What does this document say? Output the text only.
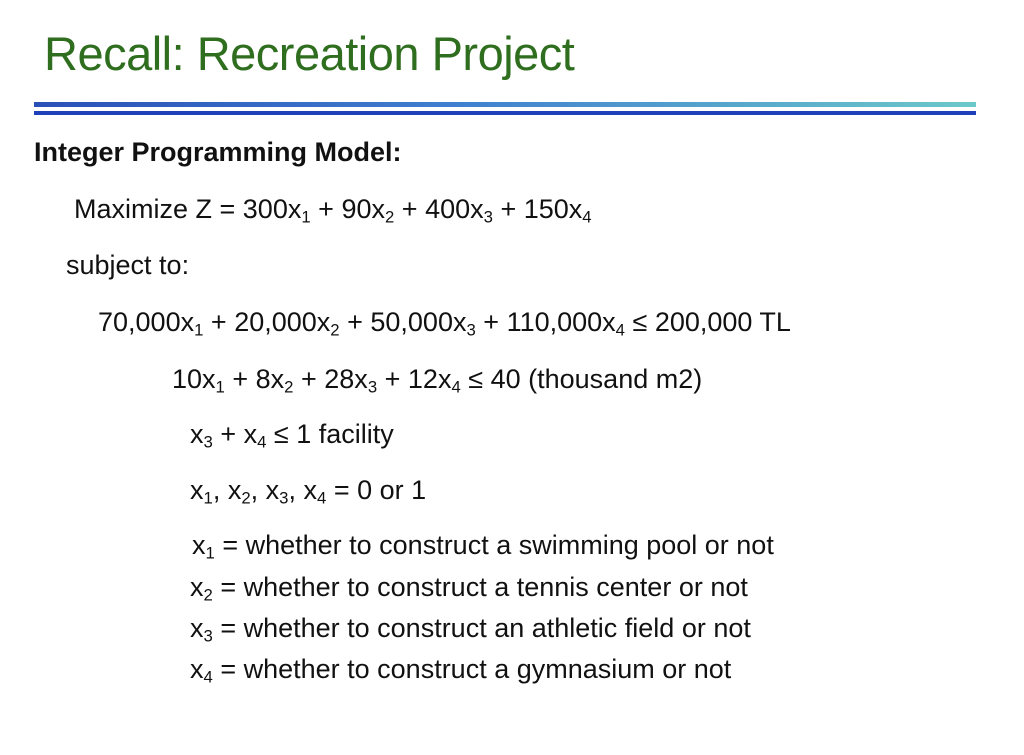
Recall: Recreation Project
Integer Programming Model:
Maximize $Z = 300x_1 + 90x_2 + 400x_3 + 150x_4$
subject to:
$70,000x_1 + 20,000x_2 + 50,000x_3 + 110,000x_4 \le 200,000$ TL
$10x_1 + 8x_2 + 28x_3 + 12x_4 \le 40$ (thousand m2)
$x_3 + x_4 \le 1$ facility
$x_1$, $x_2$, $x_3$, $x_4 = 0$ or 1
$x_1$ = whether to construct a swimming pool or not
$x_2$ = whether to construct a tennis center or not
$x_3$ = whether to construct an athletic field or not
$x_4$ = whether to construct a gymnasium or not
